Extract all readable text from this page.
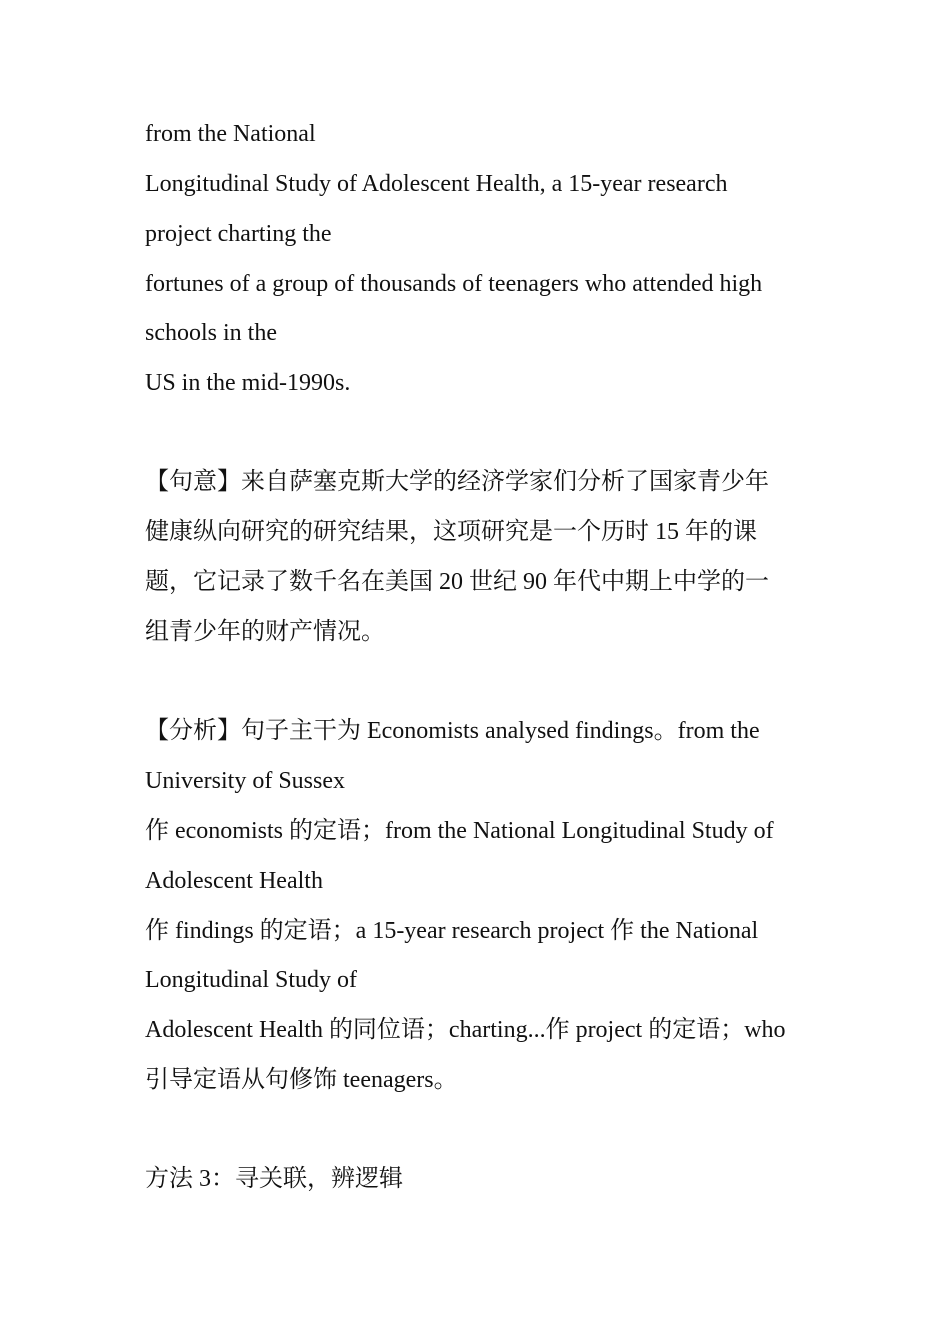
from the National
Longitudinal Study of Adolescent Health, a 15-year research
project charting the
fortunes of a group of thousands of teenagers who attended high
schools in the
US in the mid-1990s.
【句意】来自萨塞克斯大学的经济学家们分析了国家青少年
健康纵向研究的研究结果，这项研究是一个历时 15 年的课
题，它记录了数千名在美国 20 世纪 90 年代中期上中学的一
组青少年的财产情况。
【分析】句子主干为 Economists analysed findings。from the
University of Sussex
作 economists 的定语；from the National Longitudinal Study of
Adolescent Health
作 findings 的定语；a 15-year research project 作 the National
Longitudinal Study of
Adolescent Health 的同位语；charting...作 project 的定语；who
引导定语从句修饰 teenagers。
方法 3：寻关联，辨逻辑
